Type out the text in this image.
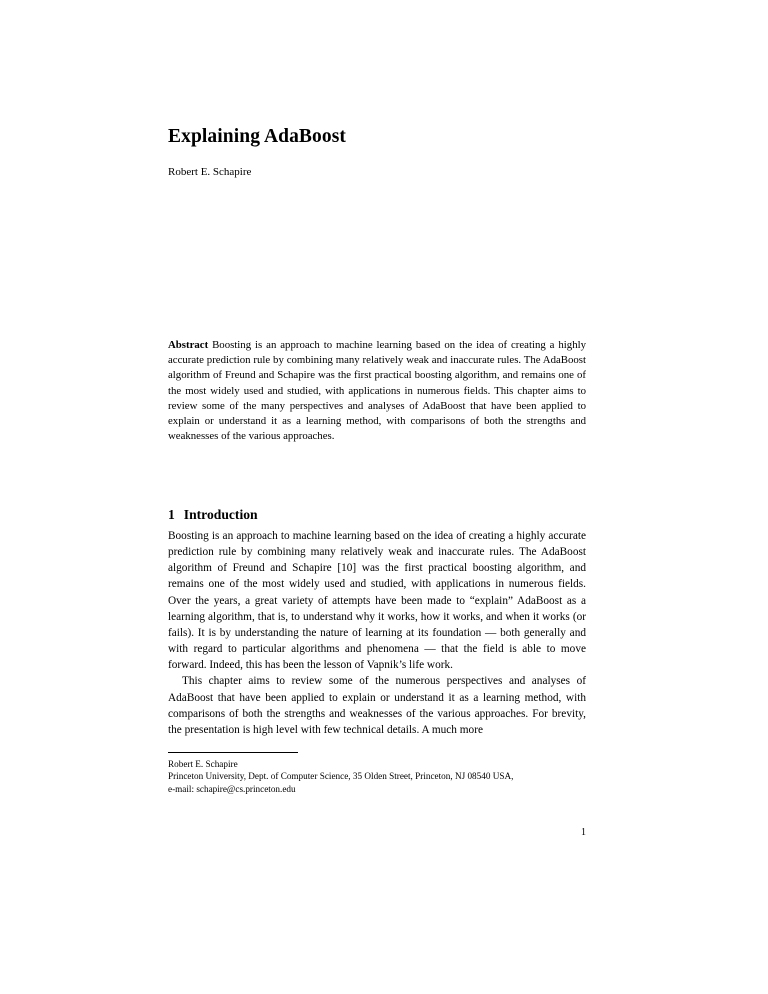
Explaining AdaBoost
Robert E. Schapire
Abstract Boosting is an approach to machine learning based on the idea of creating a highly accurate prediction rule by combining many relatively weak and inaccurate rules. The AdaBoost algorithm of Freund and Schapire was the first practical boosting algorithm, and remains one of the most widely used and studied, with applications in numerous fields. This chapter aims to review some of the many perspectives and analyses of AdaBoost that have been applied to explain or understand it as a learning method, with comparisons of both the strengths and weaknesses of the various approaches.
1 Introduction

Boosting is an approach to machine learning based on the idea of creating a highly accurate prediction rule by combining many relatively weak and inaccurate rules. The AdaBoost algorithm of Freund and Schapire [10] was the first practical boosting algorithm, and remains one of the most widely used and studied, with applications in numerous fields. Over the years, a great variety of attempts have been made to “explain” AdaBoost as a learning algorithm, that is, to understand why it works, how it works, and when it works (or fails). It is by understanding the nature of learning at its foundation — both generally and with regard to particular algorithms and phenomena — that the field is able to move forward. Indeed, this has been the lesson of Vapnik’s life work.

This chapter aims to review some of the numerous perspectives and analyses of AdaBoost that have been applied to explain or understand it as a learning method, with comparisons of both the strengths and weaknesses of the various approaches. For brevity, the presentation is high level with few technical details. A much more

Robert E. Schapire
Princeton University, Dept. of Computer Science, 35 Olden Street, Princeton, NJ 08540 USA,
e-mail: schapire@cs.princeton.edu
1
